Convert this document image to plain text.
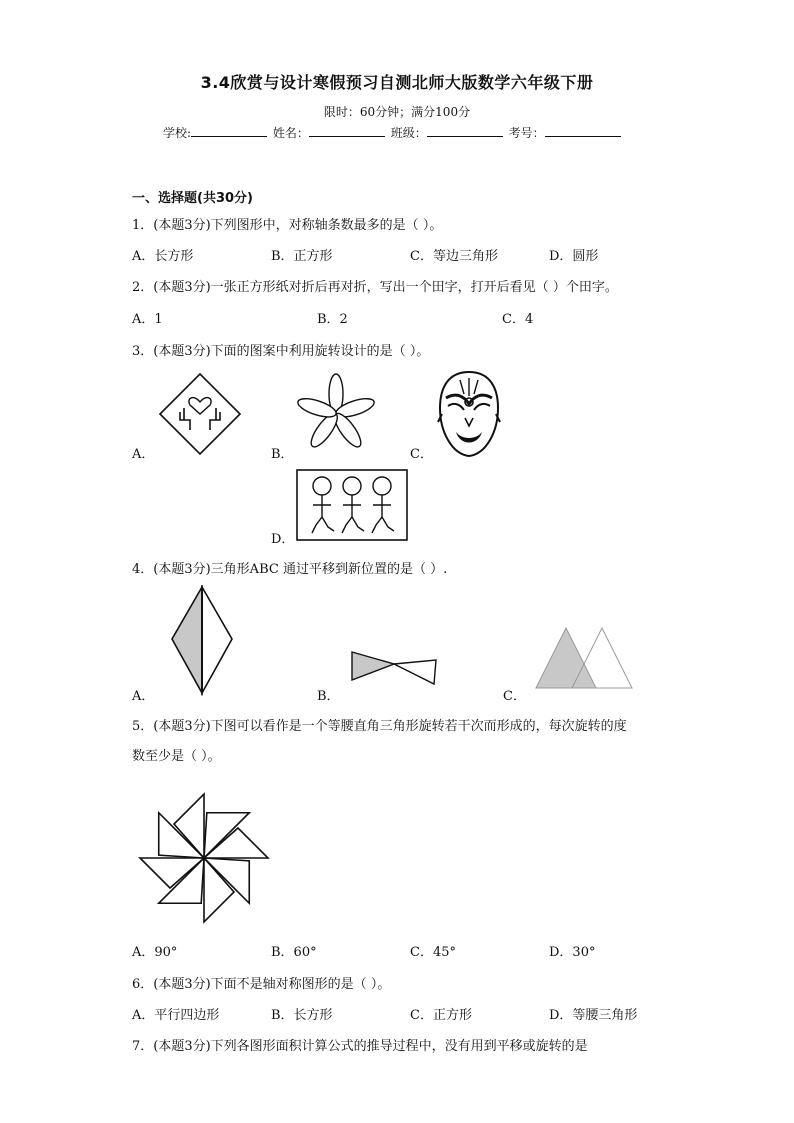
3.4欣赏与设计寒假预习自测北师大版数学六年级下册
限时：60分钟；满分100分
学校:	姓名：	班级：	考号：
一、选择题(共30分)
1．(本题3分)下列图形中，对称轴条数最多的是（ ）。
A．长方形	B．正方形	C．等边三角形	D．圆形
2．(本题3分)一张正方形纸对折后再对折，写出一个田字，打开后看见（ ）个田字。
A．1	B．2	C．4
3．(本题3分)下面的图案中利用旋转设计的是（ ）。
A．	B．	C．
D．
4．(本题3分)三角形ABC 通过平移到新位置的是（ ）.
A．	B．	C．
5．(本题3分)下图可以看作是一个等腰直角三角形旋转若干次而形成的，每次旋转的度
数至少是（ ）。
A．90°	B．60°	C．45°	D．30°
6．(本题3分)下面不是轴对称图形的是（ ）。
A．平行四边形	B．长方形	C．正方形	D．等腰三角形
7．(本题3分)下列各图形面积计算公式的推导过程中，没有用到平移或旋转的是
